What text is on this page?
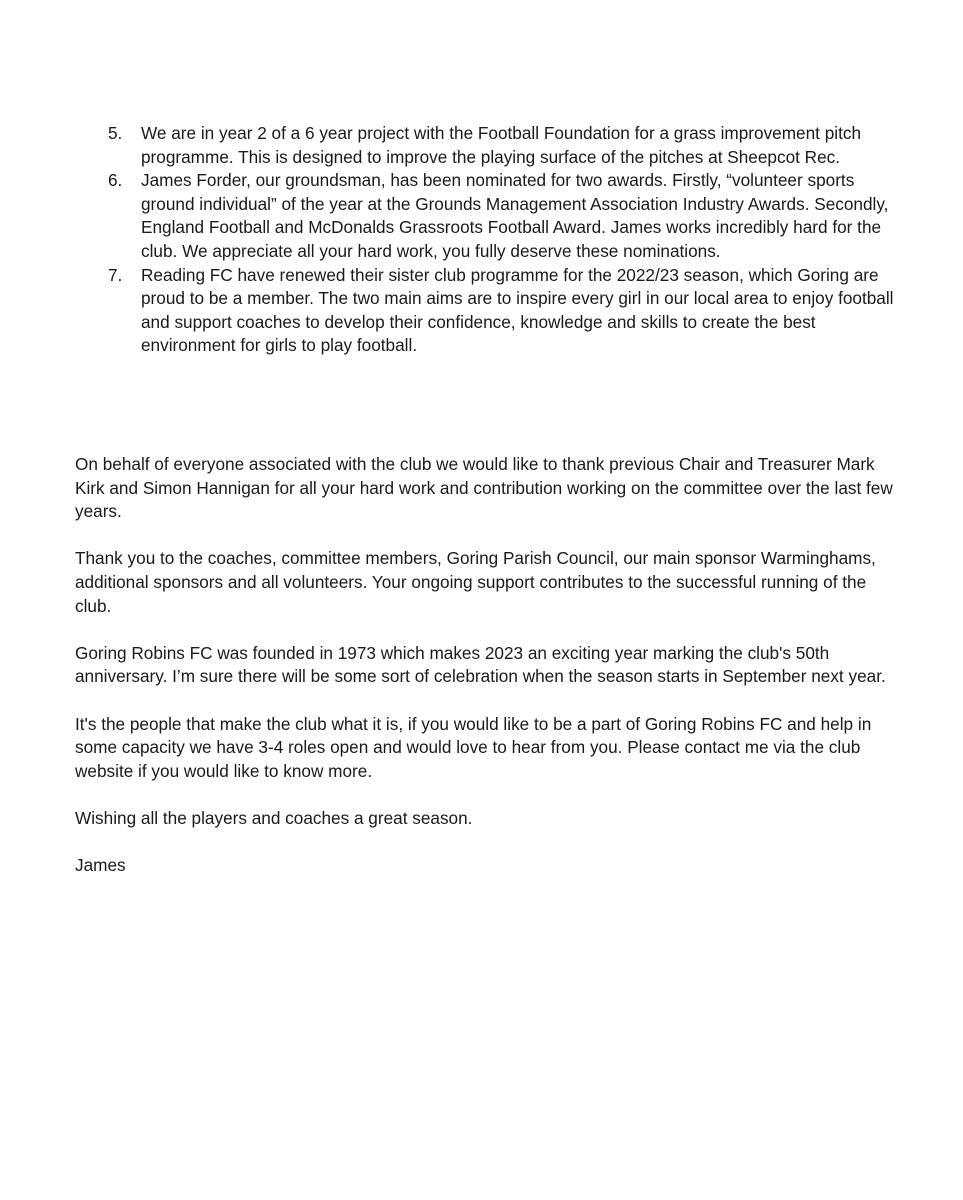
5. We are in year 2 of a 6 year project with the Football Foundation for a grass improvement pitch programme. This is designed to improve the playing surface of the pitches at Sheepcot Rec.
6. James Forder, our groundsman, has been nominated for two awards. Firstly, “volunteer sports ground individual” of the year at the Grounds Management Association Industry Awards. Secondly, England Football and McDonalds Grassroots Football Award. James works incredibly hard for the club. We appreciate all your hard work, you fully deserve these nominations.
7. Reading FC have renewed their sister club programme for the 2022/23 season, which Goring are proud to be a member. The two main aims are to inspire every girl in our local area to enjoy football and support coaches to develop their confidence, knowledge and skills to create the best environment for girls to play football.

On behalf of everyone associated with the club we would like to thank previous Chair and Treasurer Mark Kirk and Simon Hannigan for all your hard work and contribution working on the committee over the last few years.

Thank you to the coaches, committee members, Goring Parish Council, our main sponsor Warminghams, additional sponsors and all volunteers. Your ongoing support contributes to the successful running of the club.

Goring Robins FC was founded in 1973 which makes 2023 an exciting year marking the club's 50th anniversary. I’m sure there will be some sort of celebration when the season starts in September next year.

It's the people that make the club what it is, if you would like to be a part of Goring Robins FC and help in some capacity we have 3-4 roles open and would love to hear from you. Please contact me via the club website if you would like to know more.

Wishing all the players and coaches a great season.

James
